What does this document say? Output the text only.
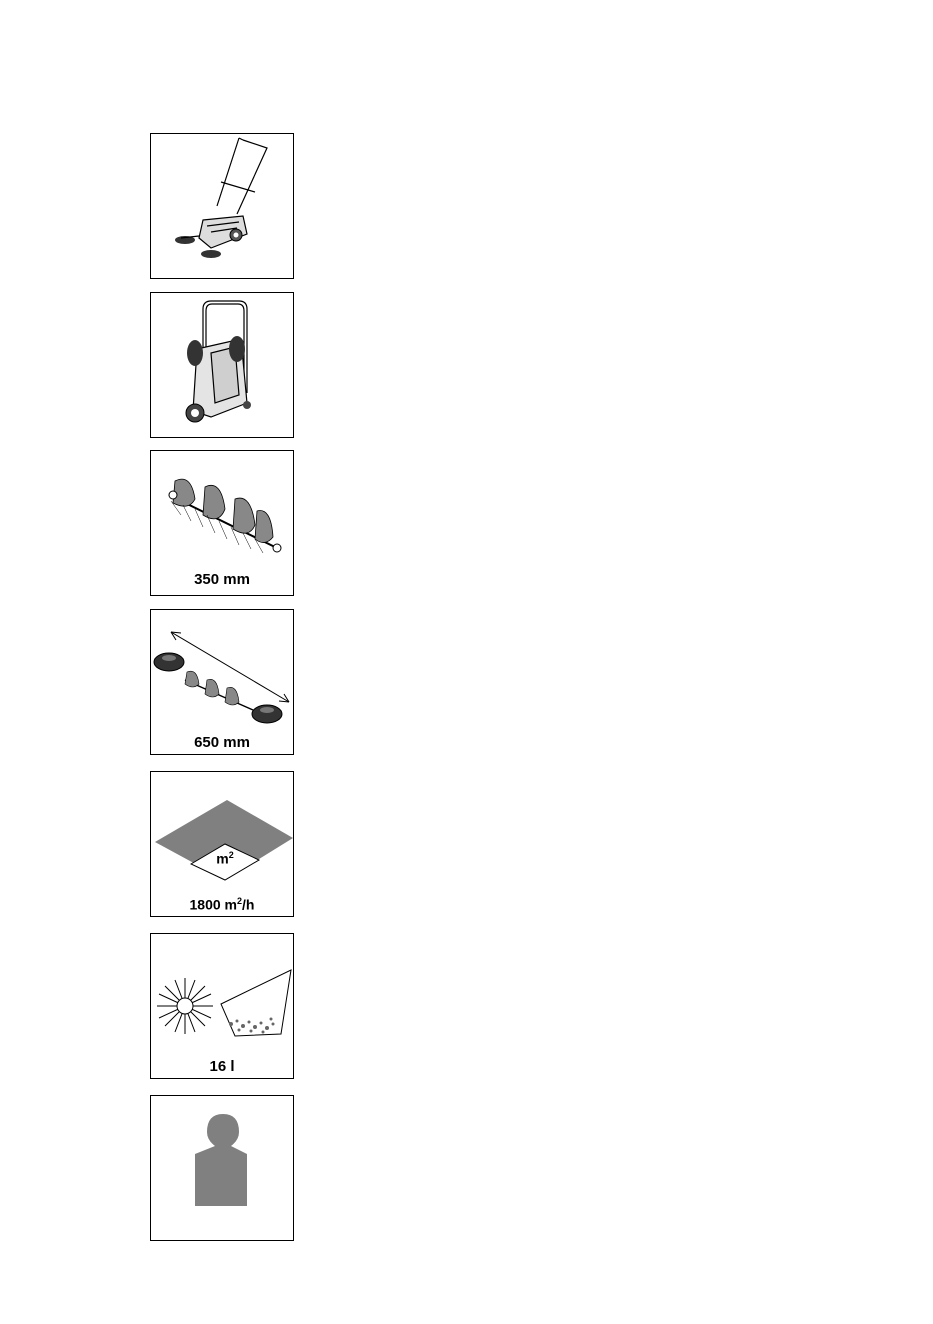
350 mm
650 mm
$m^2$
1800 $m^2/h$
16 l
